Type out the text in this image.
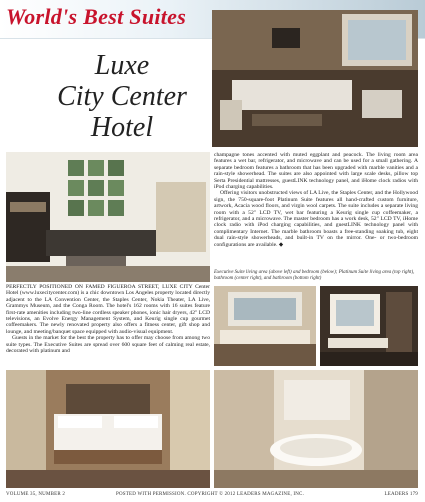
World's Best Suites
Luxe
City Center
Hotel

PERFECTLY POSITIONED ON FAMED FIGUEROA STREET, LUXE CITY Center Hotel (www.luxecitycenter.com) is a chic downtown Los Angeles property located directly adjacent to the LA Convention Center, the Staples Center, Nokia Theater, LA Live, Grammys Museum, and the Conga Room. The hotel's 162 rooms with 16 suites feature first-rate amenities including two-line cordless speaker phones, ionic hair dryers, 42" LCD televisions, an Evolve Energy Management System, and Keurig single cup gourmet coffeemakers. The newly renovated property also offers a fitness center, gift shop and lounge, and meeting/banquet space equipped with audio-visual equipment.

Guests in the market for the best the property has to offer may choose from among two suite types. The Executive Suites are spread over 600 square feet of calming real estate, decorated with platinum and

champagne tones accented with muted eggplant and peacock. The living room area features a wet bar, refrigerator, and microwave and can be used for a small gathering. A separate bedroom features a bathroom that has been upgraded with marble vanities and a rain-style showerhead. The suites are also appointed with large scale desks, pillow top Serta Presidential mattresses, guestLINK technology panel, and iHome clock radios with iPod charging capabilities.

Offering visitors unobstructed views of LA Live, the Staples Center, and the Hollywood sign, the 750-square-foot Platinum Suite features all hand-crafted custom furniture, artwork, Acacia wood floors, and virgin wool carpets. The suite includes a separate living room with a 52" LCD TV, wet bar featuring a Keurig single cup coffeemaker, a refrigerator, and a microwave. The master bedroom has a work desk, 52" LCD TV, iHome clock radio with iPod charging capabilities, and guestLINK technology panel with complimentary Internet. The marble bathroom boasts a free-standing soaking tub, eight dual rain-style showerheads, and built-in TV on the mirror. One- or two-bedroom configurations are available. ◆

Executive Suite living area (above left) and bedroom (below); Platinum Suite living area (top right), bathroom (center right), and bathroom (bottom right)
VOLUME 35, NUMBER 2	POSTED WITH PERMISSION. COPYRIGHT © 2012 LEADERS MAGAZINE, INC.	LEADERS 179
